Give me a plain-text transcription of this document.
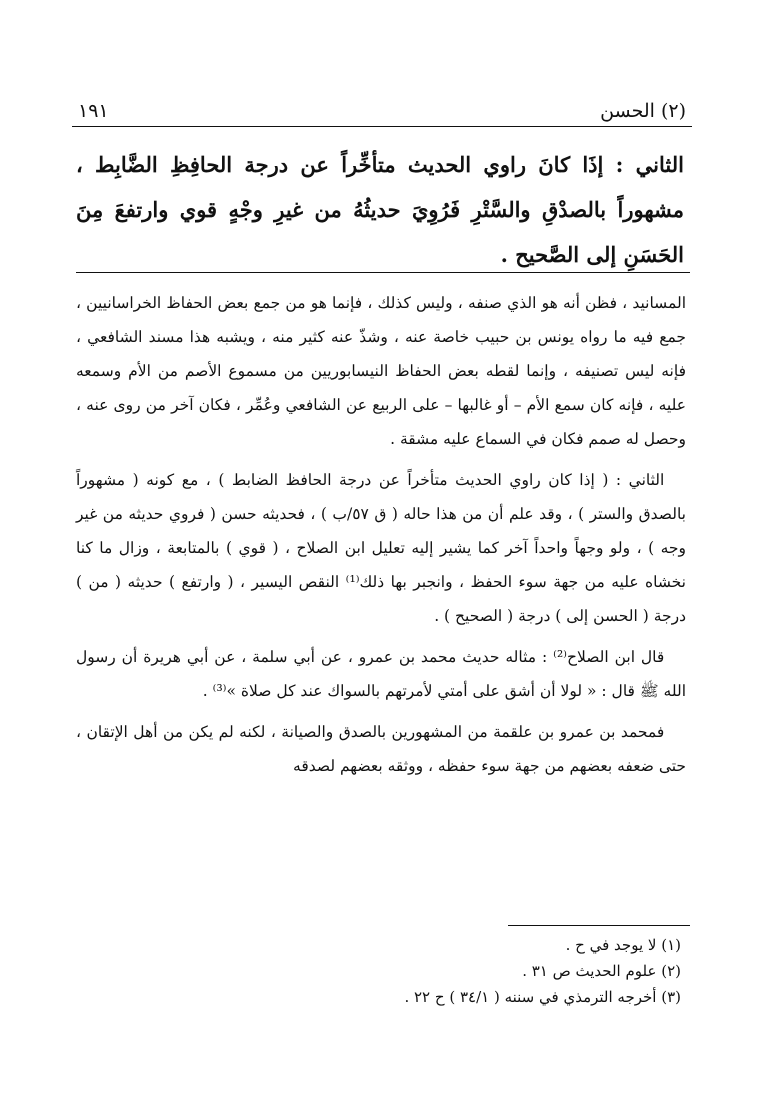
١٩١	(٢) الحسن
الثاني : إذَا كانَ راوي الحديث متأخِّراً عن درجة الحافِظِ الضَّابِط ، مشهوراً بالصدْقِ والسَّتْرِ فَرُوِيَ حديثُهُ من غيرِ وجْهٍ قوي وارتفعَ مِنَ الحَسَنِ إلى الصَّحيح .

المسانيد ، فظن أنه هو الذي صنفه ، وليس كذلك ، فإنما هو من جمع بعض الحفاظ الخراسانيين ، جمع فيه ما رواه يونس بن حبيب خاصة عنه ، وشذّ عنه كثير منه ، ويشبه هذا مسند الشافعي ، فإنه ليس تصنيفه ، وإنما لقطه بعض الحفاظ النيسابوريين من مسموع الأصم من الأم وسمعه عليه ، فإنه كان سمع الأم – أو غالبها – على الربيع عن الشافعي وعُمِّر ، فكان آخر من روى عنه ، وحصل له صمم فكان في السماع عليه مشقة .

الثاني : ( إذا كان راوي الحديث متأخراً عن درجة الحافظ الضابط ) ، مع كونه ( مشهوراً بالصدق والستر ) ، وقد علم أن من هذا حاله ( ق ٥٧/ب ) ، فحديثه حسن ( فروي حديثه من غير وجه ) ، ولو وجهاً واحداً آخر كما يشير إليه تعليل ابن الصلاح ، ( قوي ) بالمتابعة ، وزال ما كنا نخشاه عليه من جهة سوء الحفظ ، وانجبر بها ذلك⁽¹⁾ النقص اليسير ، ( وارتفع ) حديثه ( من ) درجة ( الحسن إلى ) درجة ( الصحيح ) .

قال ابن الصلاح⁽²⁾ : مثاله حديث محمد بن عمرو ، عن أبي سلمة ، عن أبي هريرة أن رسول الله ﷺ قال : « لولا أن أشق على أمتي لأمرتهم بالسواك عند كل صلاة »⁽³⁾ .

فمحمد بن عمرو بن علقمة من المشهورين بالصدق والصيانة ، لكنه لم يكن من أهل الإتقان ، حتى ضعفه بعضهم من جهة سوء حفظه ، ووثقه بعضهم لصدقه

(١) لا يوجد في ح .
(٢) علوم الحديث ص ٣١ .
(٣) أخرجه الترمذي في سننه ( ٣٤/١ ) ح ٢٢ .
